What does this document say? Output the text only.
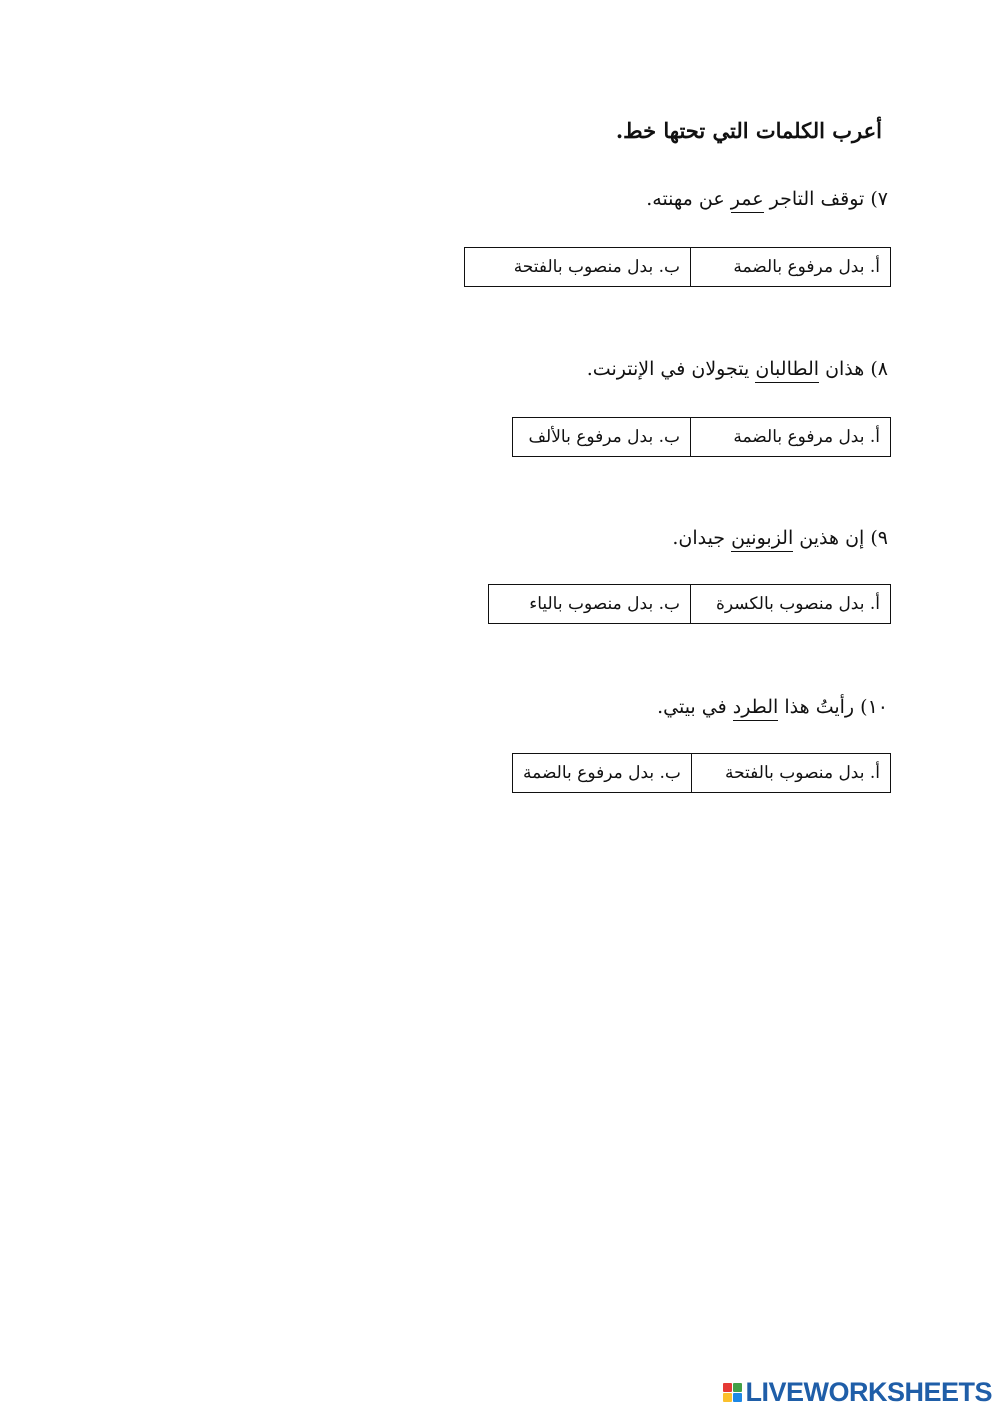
أعرب الكلمات التي تحتها خط.
٧) توقف التاجر عمر عن مهنته.
أ. بدل مرفوع بالضمة
ب. بدل منصوب بالفتحة
٨) هذان الطالبان يتجولان في الإنترنت.
أ. بدل مرفوع بالضمة
ب. بدل مرفوع بالألف
٩) إن هذين الزبونين جيدان.
أ. بدل منصوب بالكسرة
ب. بدل منصوب بالياء
١٠) رأيتُ هذا الطرد في بيتي.
أ. بدل منصوب بالفتحة
ب. بدل مرفوع بالضمة
LIVEWORKSHEETS
